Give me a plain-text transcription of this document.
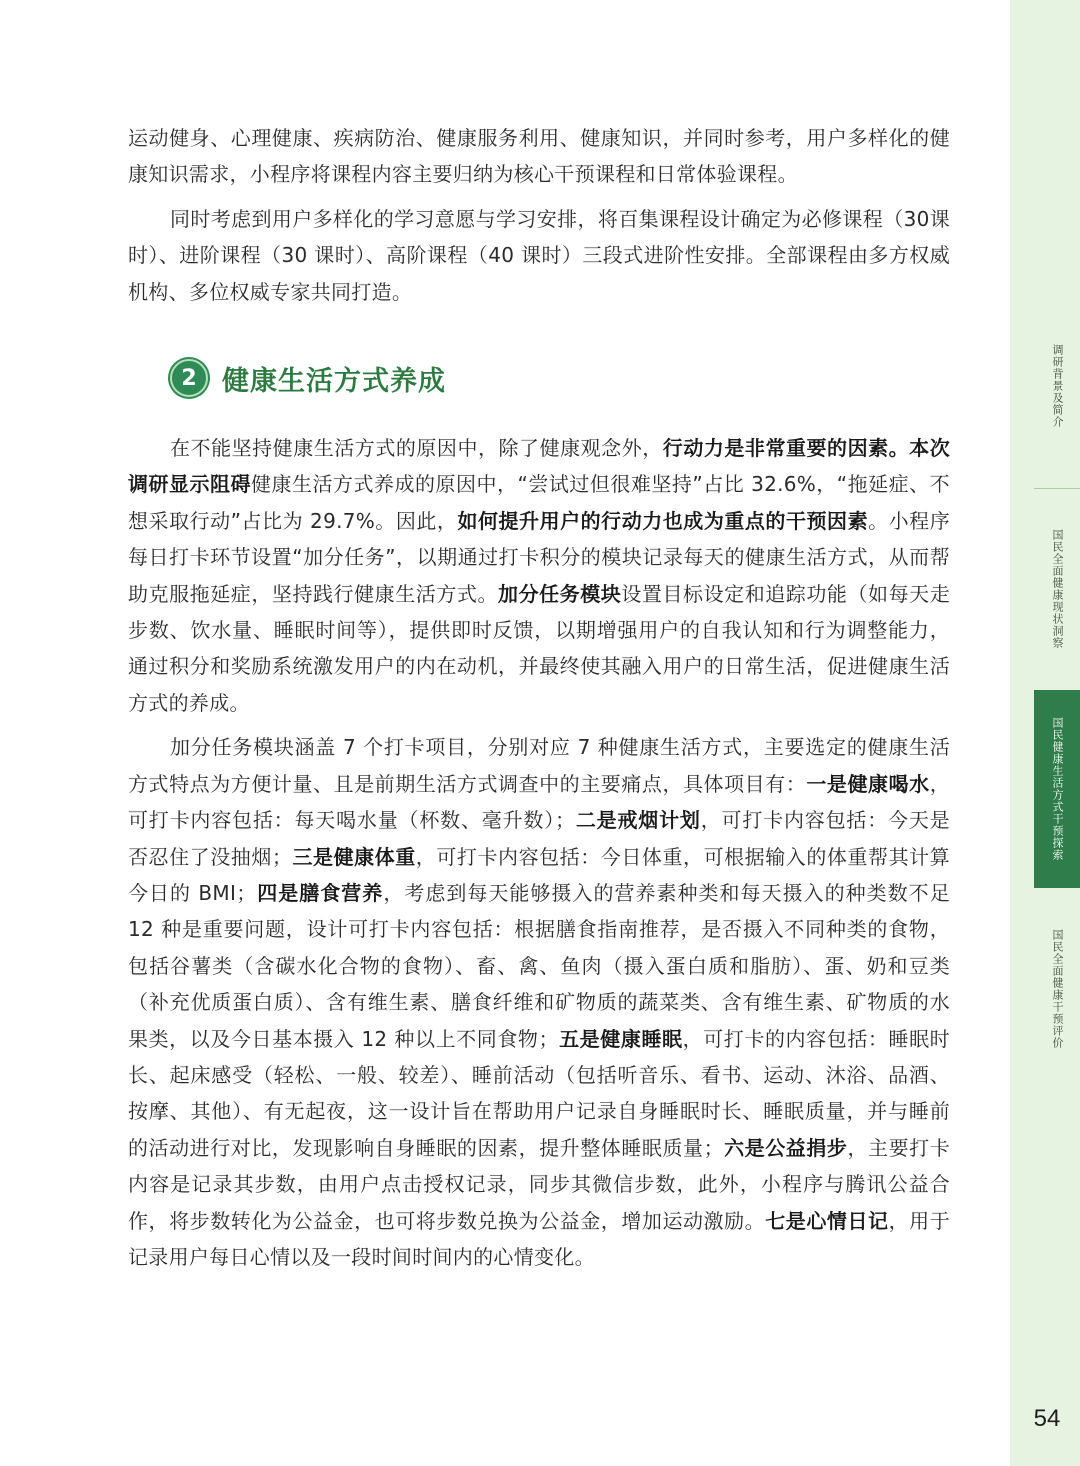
运动健身、心理健康、疾病防治、健康服务利用、健康知识，并同时参考，用户多样化的健康知识需求，小程序将课程内容主要归纳为核心干预课程和日常体验课程。

同时考虑到用户多样化的学习意愿与学习安排，将百集课程设计确定为必修课程（30课时）、进阶课程（30 课时）、高阶课程（40 课时）三段式进阶性安排。全部课程由多方权威机构、多位权威专家共同打造。

2 健康生活方式养成

在不能坚持健康生活方式的原因中，除了健康观念外，行动力是非常重要的因素。本次调研显示阻碍健康生活方式养成的原因中，“尝试过但很难坚持”占比 32.6%，“拖延症、不想采取行动”占比为 29.7%。因此，如何提升用户的行动力也成为重点的干预因素。小程序每日打卡环节设置“加分任务”，以期通过打卡积分的模块记录每天的健康生活方式，从而帮助克服拖延症，坚持践行健康生活方式。加分任务模块设置目标设定和追踪功能（如每天走步数、饮水量、睡眠时间等），提供即时反馈，以期增强用户的自我认知和行为调整能力，通过积分和奖励系统激发用户的内在动机，并最终使其融入用户的日常生活，促进健康生活方式的养成。

加分任务模块涵盖 7 个打卡项目，分别对应 7 种健康生活方式，主要选定的健康生活方式特点为方便计量、且是前期生活方式调查中的主要痛点，具体项目有：一是健康喝水，可打卡内容包括：每天喝水量（杯数、毫升数）；二是戒烟计划，可打卡内容包括：今天是否忍住了没抽烟；三是健康体重，可打卡内容包括：今日体重，可根据输入的体重帮其计算今日的 BMI；四是膳食营养，考虑到每天能够摄入的营养素种类和每天摄入的种类数不足 12 种是重要问题，设计可打卡内容包括：根据膳食指南推荐，是否摄入不同种类的食物，包括谷薯类（含碳水化合物的食物）、畜、禽、鱼肉（摄入蛋白质和脂肪）、蛋、奶和豆类（补充优质蛋白质）、含有维生素、膳食纤维和矿物质的蔬菜类、含有维生素、矿物质的水果类，以及今日基本摄入 12 种以上不同食物；五是健康睡眠，可打卡的内容包括：睡眠时长、起床感受（轻松、一般、较差）、睡前活动（包括听音乐、看书、运动、沐浴、品酒、按摩、其他）、有无起夜，这一设计旨在帮助用户记录自身睡眠时长、睡眠质量，并与睡前的活动进行对比，发现影响自身睡眠的因素，提升整体睡眠质量；六是公益捐步，主要打卡内容是记录其步数，由用户点击授权记录，同步其微信步数，此外，小程序与腾讯公益合作，将步数转化为公益金，也可将步数兑换为公益金，增加运动激励。七是心情日记，用于记录用户每日心情以及一段时间时间内的心情变化。

调研背景及简介
国民全面健康现状洞察
国民健康生活方式干预探索
国民全面健康干预评价
54
